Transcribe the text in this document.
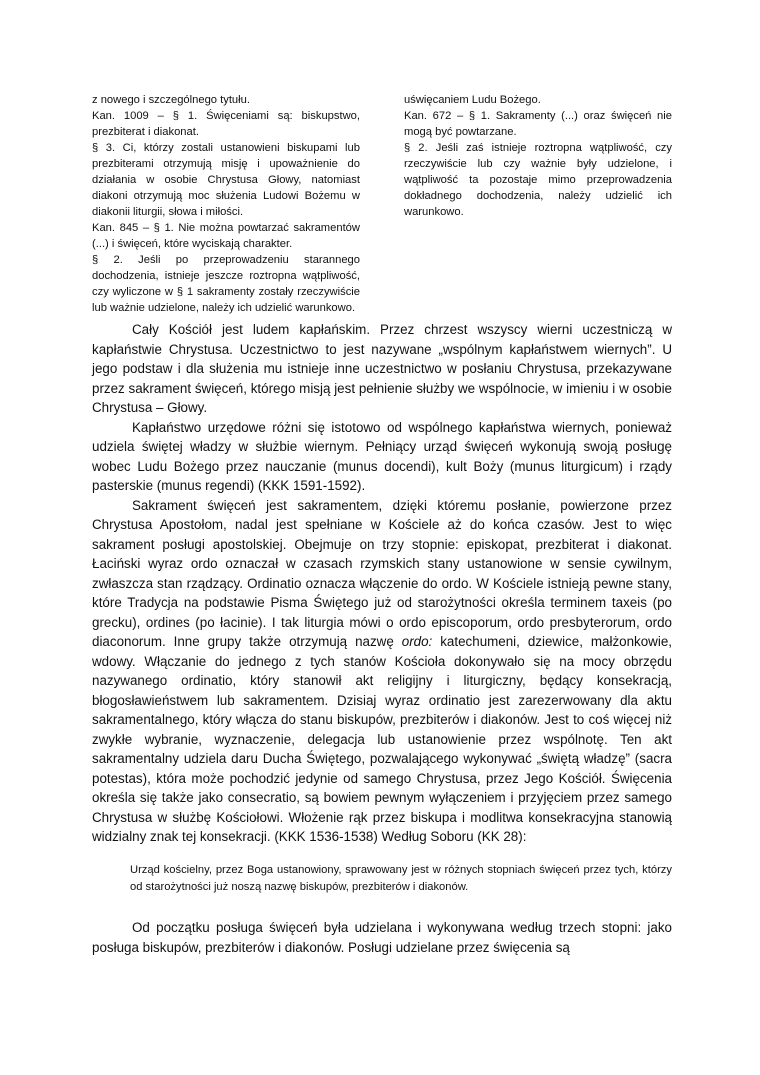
z nowego i szczególnego tytułu.

Kan. 1009 – § 1. Święceniami są: biskupstwo, prezbiterat i diakonat.

§ 3. Ci, którzy zostali ustanowieni biskupami lub prezbiterami otrzymują misję i upoważnienie do działania w osobie Chrystusa Głowy, natomiast diakoni otrzymują moc służenia Ludowi Bożemu w diakonii liturgii, słowa i miłości.

Kan. 845 – § 1. Nie można powtarzać sakramentów (...) i święceń, które wyciskają charakter.

§ 2. Jeśli po przeprowadzeniu starannego dochodzenia, istnieje jeszcze roztropna wątpliwość, czy wyliczone w § 1 sakramenty zostały rzeczywiście lub ważnie udzielone, należy ich udzielić warunkowo.

uświęcaniem Ludu Bożego.

Kan. 672 – § 1. Sakramenty (...) oraz święceń nie mogą być powtarzane.

§ 2. Jeśli zaś istnieje roztropna wątpliwość, czy rzeczywiście lub czy ważnie były udzielone, i wątpliwość ta pozostaje mimo przeprowadzenia dokładnego dochodzenia, należy udzielić ich warunkowo.

Cały Kościół jest ludem kapłańskim. Przez chrzest wszyscy wierni uczestniczą w kapłaństwie Chrystusa. Uczestnictwo to jest nazywane „wspólnym kapłaństwem wiernych”. U jego podstaw i dla służenia mu istnieje inne uczestnictwo w posłaniu Chrystusa, przekazywane przez sakrament święceń, którego misją jest pełnienie służby we wspólnocie, w imieniu i w osobie Chrystusa – Głowy.

Kapłaństwo urzędowe różni się istotowo od wspólnego kapłaństwa wiernych, ponieważ udziela świętej władzy w służbie wiernym. Pełniący urząd święceń wykonują swoją posługę wobec Ludu Bożego przez nauczanie (munus docendi), kult Boży (munus liturgicum) i rządy pasterskie (munus regendi) (KKK 1591-1592).

Sakrament święceń jest sakramentem, dzięki któremu posłanie, powierzone przez Chrystusa Apostołom, nadal jest spełniane w Kościele aż do końca czasów. Jest to więc sakrament posługi apostolskiej. Obejmuje on trzy stopnie: episkopat, prezbiterat i diakonat. Łaciński wyraz ordo oznaczał w czasach rzymskich stany ustanowione w sensie cywilnym, zwłaszcza stan rządzący. Ordinatio oznacza włączenie do ordo. W Kościele istnieją pewne stany, które Tradycja na podstawie Pisma Świętego już od starożytności określa terminem taxeis (po grecku), ordines (po łacinie). I tak liturgia mówi o ordo episcoporum, ordo presbyterorum, ordo diaconorum. Inne grupy także otrzymują nazwę ordo: katechumeni, dziewice, małżonkowie, wdowy. Włączanie do jednego z tych stanów Kościoła dokonywało się na mocy obrzędu nazywanego ordinatio, który stanowił akt religijny i liturgiczny, będący konsekracją, błogosławieństwem lub sakramentem. Dzisiaj wyraz ordinatio jest zarezerwowany dla aktu sakramentalnego, który włącza do stanu biskupów, prezbiterów i diakonów. Jest to coś więcej niż zwykłe wybranie, wyznaczenie, delegacja lub ustanowienie przez wspólnotę. Ten akt sakramentalny udziela daru Ducha Świętego, pozwalającego wykonywać „świętą władzę” (sacra potestas), która może pochodzić jedynie od samego Chrystusa, przez Jego Kościół. Święcenia określa się także jako consecratio, są bowiem pewnym wyłączeniem i przyjęciem przez samego Chrystusa w służbę Kościołowi. Włożenie rąk przez biskupa i modlitwa konsekracyjna stanowią widzialny znak tej konsekracji. (KKK 1536-1538) Według Soboru (KK 28):

Urząd kościelny, przez Boga ustanowiony, sprawowany jest w różnych stopniach święceń przez tych, którzy od starożytności już noszą nazwę biskupów, prezbiterów i diakonów.

Od początku posługa święceń była udzielana i wykonywana według trzech stopni: jako posługa biskupów, prezbiterów i diakonów. Posługi udzielane przez święcenia są
